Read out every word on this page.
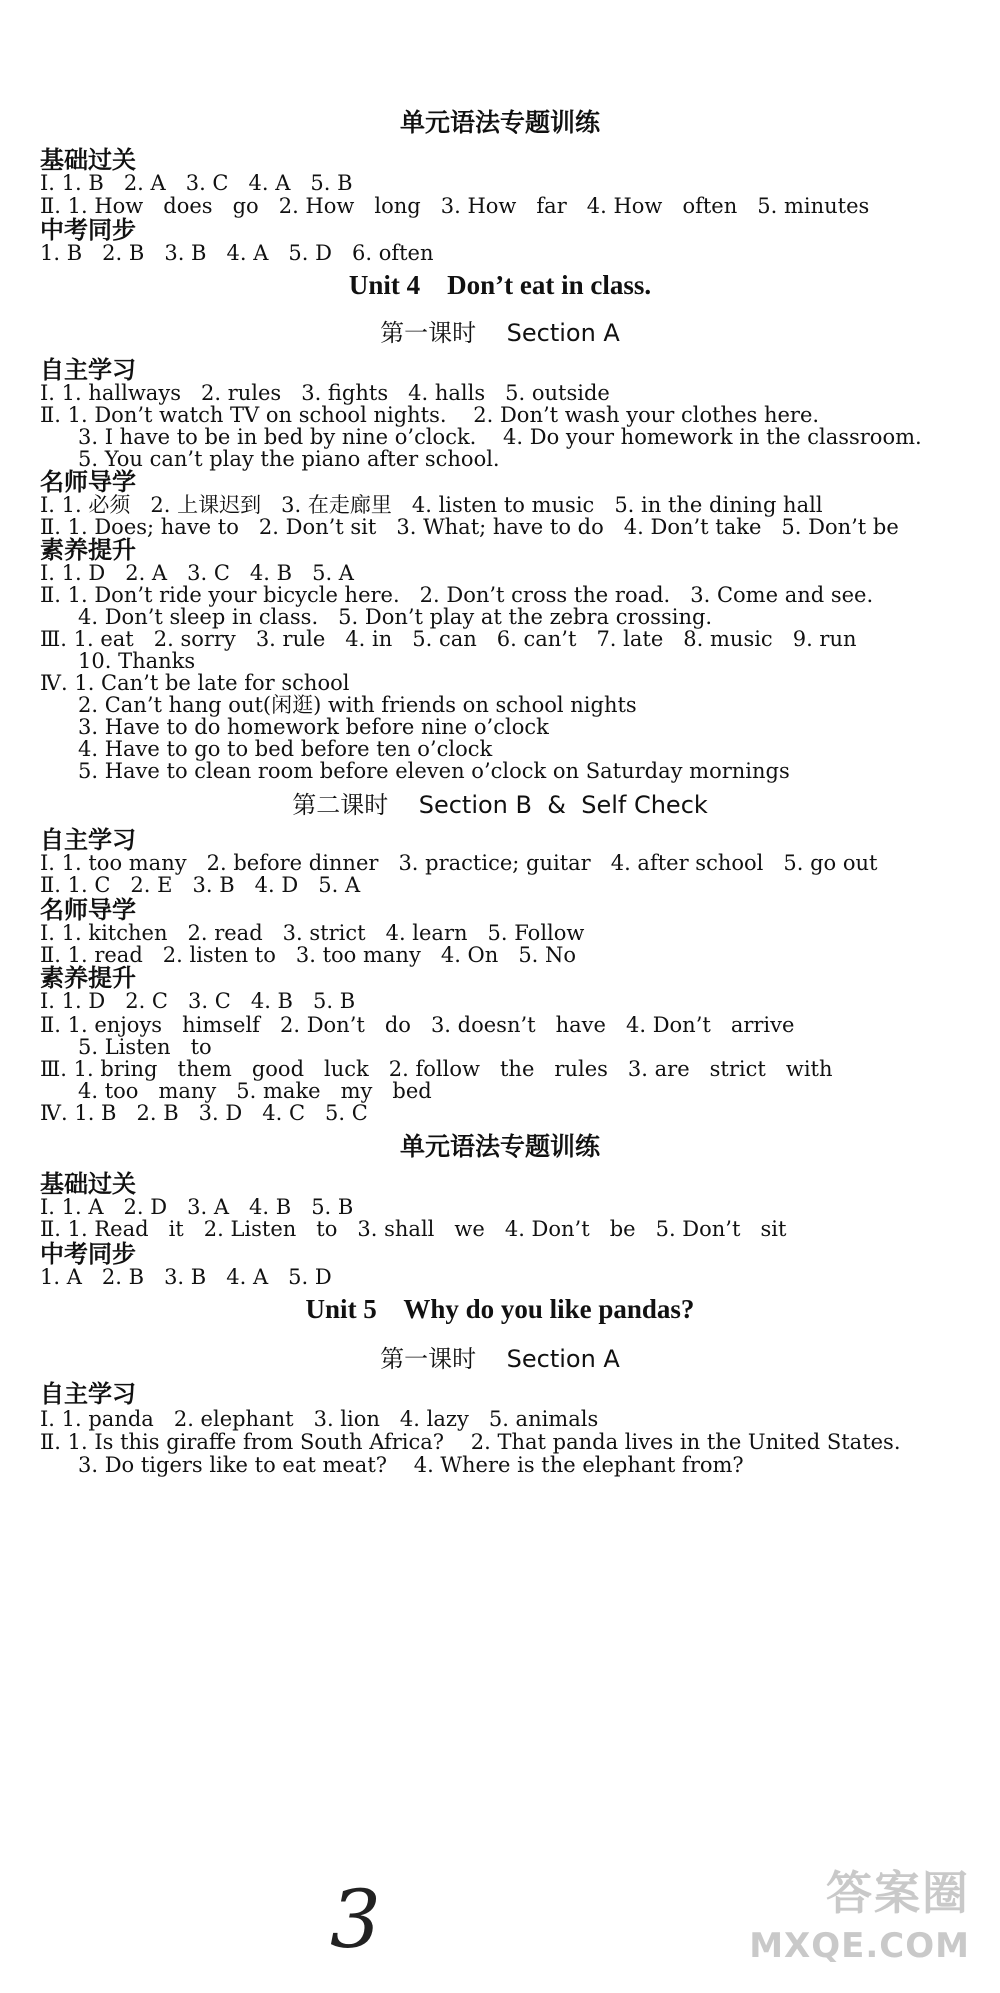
单元语法专题训练
基础过关
Ⅰ. 1. B   2. A   3. C   4. A   5. B
Ⅱ. 1. How   does   go   2. How   long   3. How   far   4. How   often   5. minutes
中考同步
1. B   2. B   3. B   4. A   5. D   6. often
Unit 4    Don’t eat in class.
第一课时    Section A
自主学习
Ⅰ. 1. hallways   2. rules   3. fights   4. halls   5. outside
Ⅱ. 1. Don’t watch TV on school nights.    2. Don’t wash your clothes here.
3. I have to be in bed by nine o’clock.    4. Do your homework in the classroom.
5. You can’t play the piano after school.
名师导学
Ⅰ. 1. 必须   2. 上课迟到   3. 在走廊里   4. listen to music   5. in the dining hall
Ⅱ. 1. Does; have to   2. Don’t sit   3. What; have to do   4. Don’t take   5. Don’t be
素养提升
Ⅰ. 1. D   2. A   3. C   4. B   5. A
Ⅱ. 1. Don’t ride your bicycle here.   2. Don’t cross the road.   3. Come and see.
4. Don’t sleep in class.   5. Don’t play at the zebra crossing.
Ⅲ. 1. eat   2. sorry   3. rule   4. in   5. can   6. can’t   7. late   8. music   9. run
10. Thanks
Ⅳ. 1. Can’t be late for school
2. Can’t hang out(闲逛) with friends on school nights
3. Have to do homework before nine o’clock
4. Have to go to bed before ten o’clock
5. Have to clean room before eleven o’clock on Saturday mornings
第二课时    Section B  &  Self Check
自主学习
Ⅰ. 1. too many   2. before dinner   3. practice; guitar   4. after school   5. go out
Ⅱ. 1. C   2. E   3. B   4. D   5. A
名师导学
Ⅰ. 1. kitchen   2. read   3. strict   4. learn   5. Follow
Ⅱ. 1. read   2. listen to   3. too many   4. On   5. No
素养提升
Ⅰ. 1. D   2. C   3. C   4. B   5. B
Ⅱ. 1. enjoys   himself   2. Don’t   do   3. doesn’t   have   4. Don’t   arrive
5. Listen   to
Ⅲ. 1. bring   them   good   luck   2. follow   the   rules   3. are   strict   with
4. too   many   5. make   my   bed
Ⅳ. 1. B   2. B   3. D   4. C   5. C
单元语法专题训练
基础过关
Ⅰ. 1. A   2. D   3. A   4. B   5. B
Ⅱ. 1. Read   it   2. Listen   to   3. shall   we   4. Don’t   be   5. Don’t   sit
中考同步
1. A   2. B   3. B   4. A   5. D
Unit 5    Why do you like pandas?
第一课时    Section A
自主学习
Ⅰ. 1. panda   2. elephant   3. lion   4. lazy   5. animals
Ⅱ. 1. Is this giraffe from South Africa?    2. That panda lives in the United States.
3. Do tigers like to eat meat?    4. Where is the elephant from?
3	答案圈
MXQE.COM
